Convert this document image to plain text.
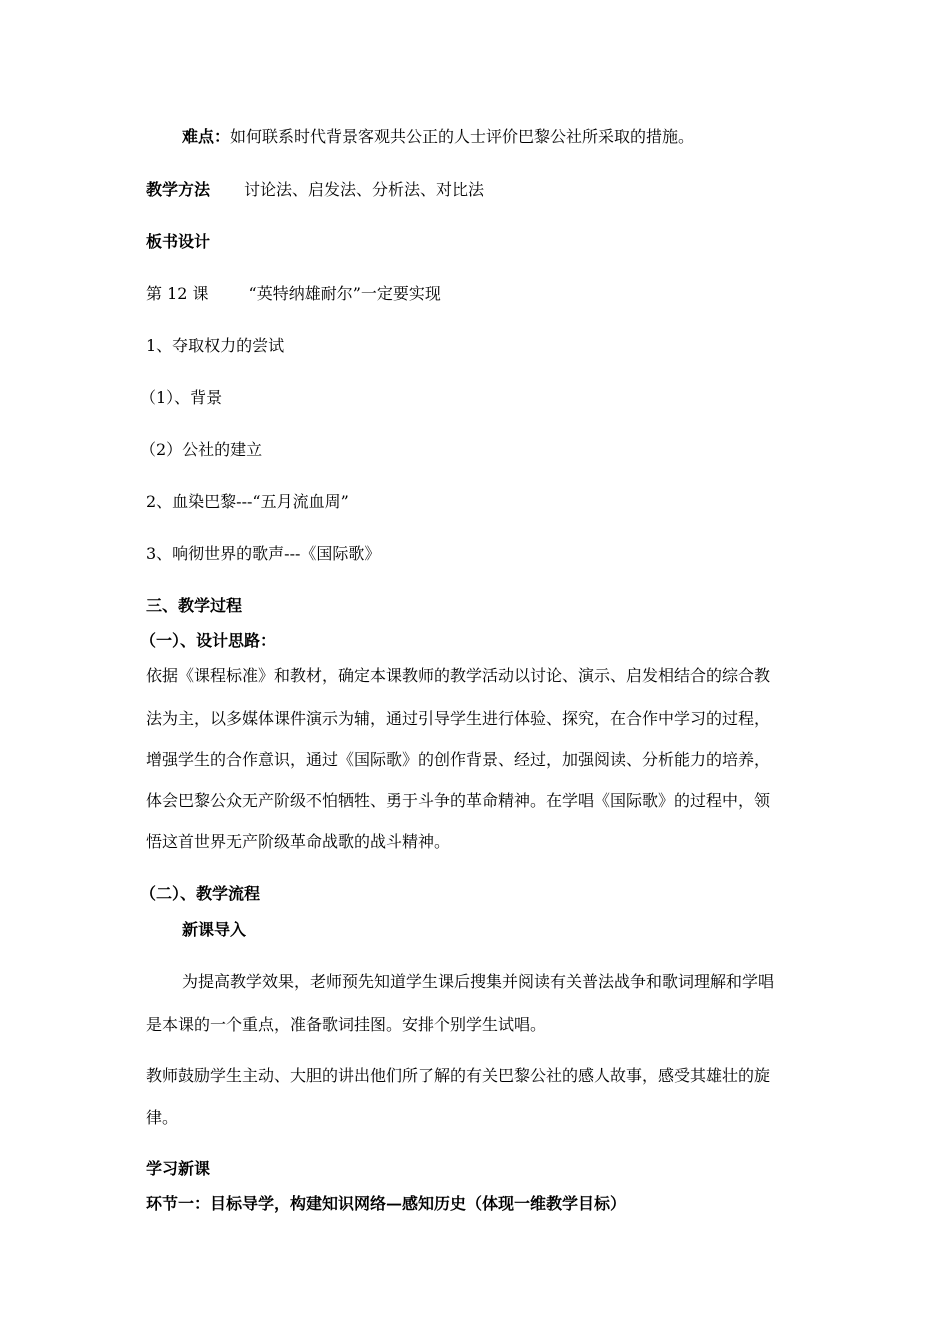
难点：如何联系时代背景客观共公正的人士评价巴黎公社所采取的措施。

教学方法 讨论法、启发法、分析法、对比法

板书设计

第 12 课	“英特纳雄耐尔”一定要实现

1、夺取权力的尝试

（1）、背景

（2）公社的建立

2、血染巴黎---“五月流血周”

3、响彻世界的歌声---《国际歌》

三、教学过程

（一）、设计思路：

依据《课程标准》和教材，确定本课教师的教学活动以讨论、演示、启发相结合的综合教

法为主，以多媒体课件演示为辅，通过引导学生进行体验、探究，在合作中学习的过程，

增强学生的合作意识，通过《国际歌》的创作背景、经过，加强阅读、分析能力的培养，

体会巴黎公众无产阶级不怕牺牲、勇于斗争的革命精神。在学唱《国际歌》的过程中，领

悟这首世界无产阶级革命战歌的战斗精神。

（二）、教学流程

新课导入

为提高教学效果，老师预先知道学生课后搜集并阅读有关普法战争和歌词理解和学唱

是本课的一个重点，准备歌词挂图。安排个别学生试唱。

教师鼓励学生主动、大胆的讲出他们所了解的有关巴黎公社的感人故事，感受其雄壮的旋

律。

学习新课

环节一：目标导学，构建知识网络—感知历史（体现一维教学目标）
